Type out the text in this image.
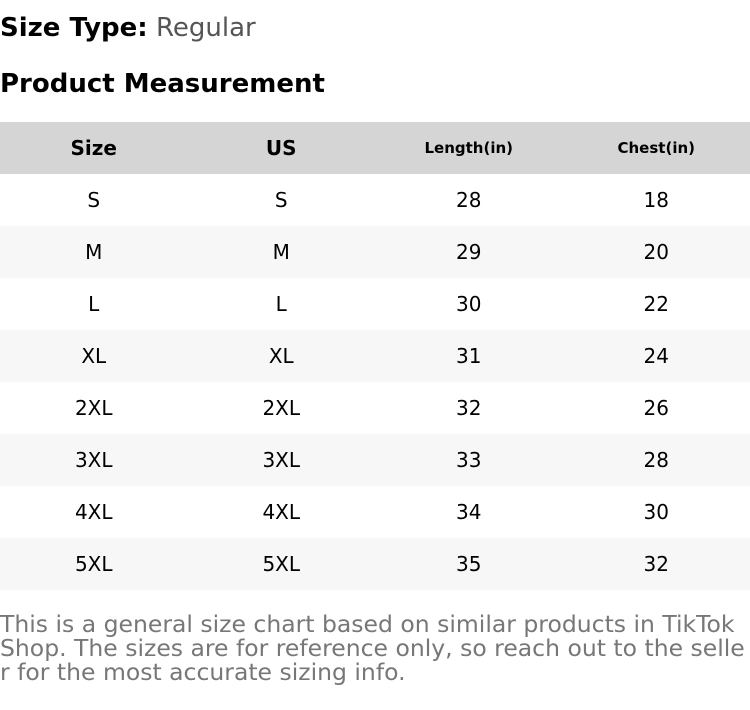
Size Type: Regular
Product Measurement
Size	US	Length(in)	Chest(in)
S	S	28	18
M	M	29	20
L	L	30	22
XL	XL	31	24
2XL	2XL	32	26
3XL	3XL	33	28
4XL	4XL	34	30
5XL	5XL	35	32

This is a general size chart based on similar products in TikTok Shop. The sizes are for reference only, so reach out to the seller for the most accurate sizing info.
